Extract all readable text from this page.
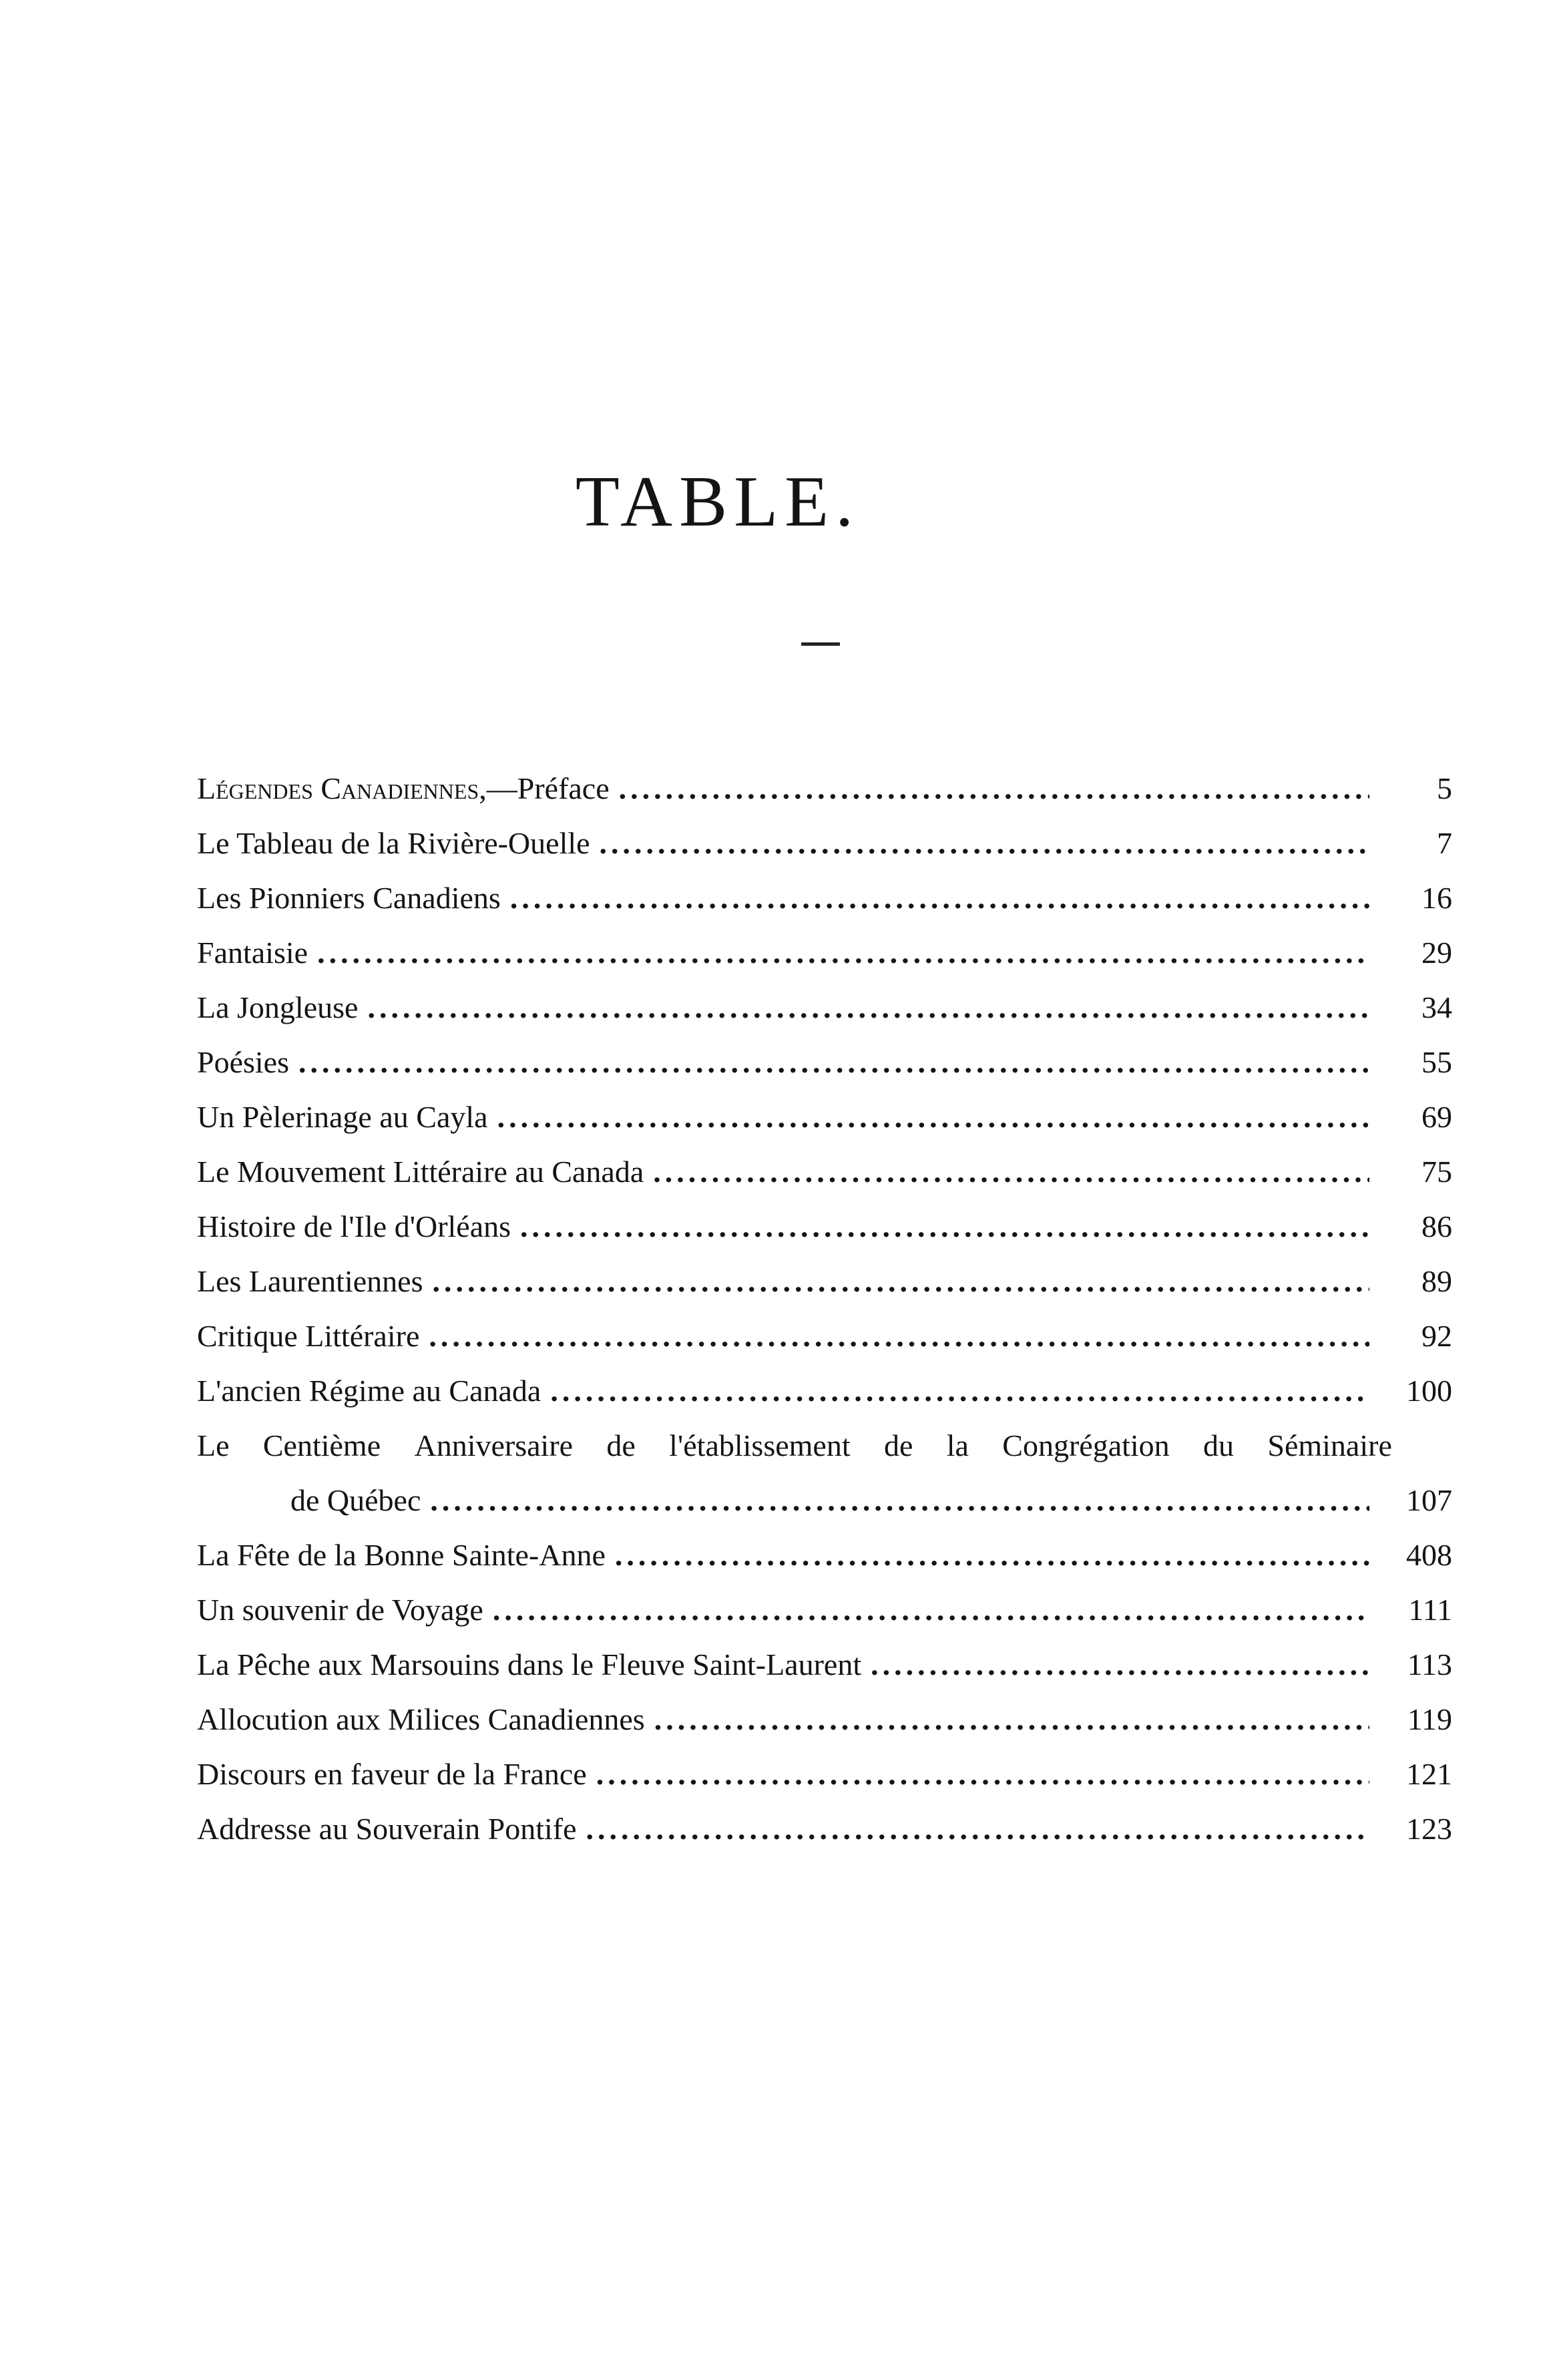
TABLE.
Légendes Canadiennes,—Préface .....	5
Le Tableau de la Rivière-Ouelle .....	7
Les Pionniers Canadiens .....	16
Fantaisie .....	29
La Jongleuse .....	34
Poésies .....	55
Un Pèlerinage au Cayla .....	69
Le Mouvement Littéraire au Canada .....	75
Histoire de l'Ile d'Orléans .....	86
Les Laurentiennes .....	89
Critique Littéraire .....	92
L'ancien Régime au Canada .....	100
Le Centième Anniversaire de l'établissement de la Congrégation du Séminaire
de Québec .....	107
La Fête de la Bonne Sainte-Anne .....	408
Un souvenir de Voyage .....	111
La Pêche aux Marsouins dans le Fleuve Saint-Laurent .....	113
Allocution aux Milices Canadiennes .....	119
Discours en faveur de la France .....	121
Addresse au Souverain Pontife .....	123
